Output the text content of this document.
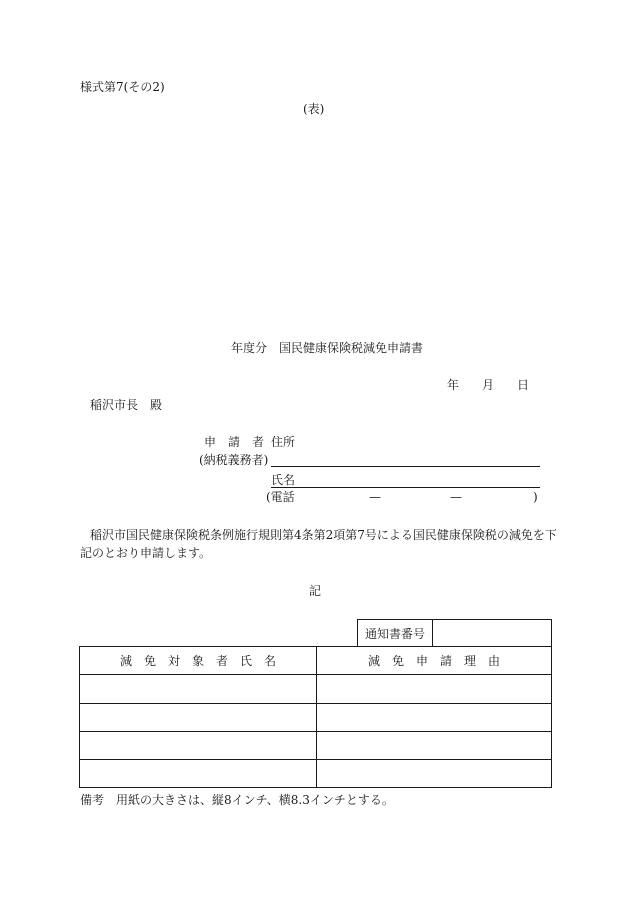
様式第7(その2)
(表)
年度分　国民健康保険税減免申請書
年 月 日
稲沢市長　殿
申　請　者 住所
(納税義務者)
氏名
(電話	—	—	)
稲沢市国民健康保険税条例施行規則第4条第2項第7号による国民健康保険税の減免を下
記のとおり申請します。
記
通知書番号	
減　免　対　象　者　氏　名	減　免　申　請　理　由

備考　用紙の大きさは、縦8インチ、横8.3インチとする。
